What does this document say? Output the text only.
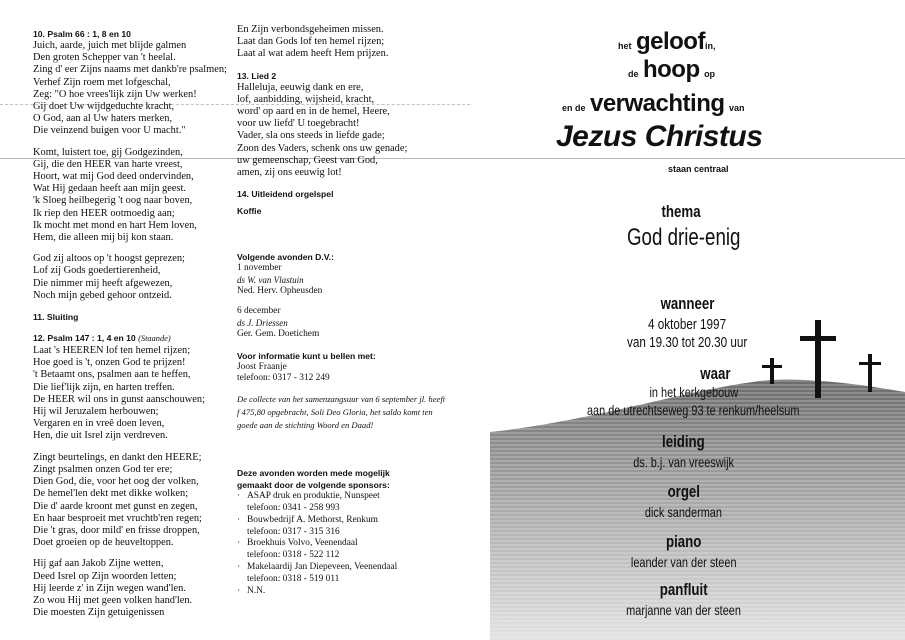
10. Psalm 66 : 1, 8 en 10
Juich, aarde, juich met blijde galmen
Den groten Schepper van 't heelal.
Zing d' eer Zijns naams met dankb're psalmen;
Verhef Zijn roem met lofgeschal,
Zeg: "O hoe vrees'lijk zijn Uw werken!
Gij doet Uw wijdgeduchte kracht,
O God, aan al Uw haters merken,
Die veinzend buigen voor U macht."
Komt, luistert toe, gij Godgezinden,
Gij, die den HEER van harte vreest,
Hoort, wat mij God deed ondervinden,
Wat Hij gedaan heeft aan mijn geest.
'k Sloeg heilbegerig 't oog naar boven,
Ik riep den HEER ootmoedig aan;
Ik mocht met mond en hart Hem loven,
Hem, die alleen mij bij kon staan.
God zij altoos op 't hoogst geprezen;
Lof zij Gods goedertierenheid,
Die nimmer mij heeft afgewezen,
Noch mijn gebed gehoor ontzeid.
11. Sluiting
12. Psalm 147 : 1, 4 en 10 (Staande)
Laat 's HEEREN lof ten hemel rijzen;
Hoe goed is 't, onzen God te prijzen!
't Betaamt ons, psalmen aan te heffen,
Die lief'lijk zijn, en harten treffen.
De HEER wil ons in gunst aanschouwen;
Hij wil Jeruzalem herbouwen;
Vergaren en in vreê doen leven,
Hen, die uit Isrel zijn verdreven.
Zingt beurtelings, en dankt den HEERE;
Zingt psalmen onzen God ter ere;
Dien God, die, voor het oog der volken,
De hemel'len dekt met dikke wolken;
Die d' aarde kroont met gunst en zegen,
En haar besproeit met vruchtb'ren regen;
Die 't gras, door mild' en frisse droppen,
Doet groeien op de heuveltoppen.
Hij gaf aan Jakob Zijne wetten,
Deed Isrel op Zijn woorden letten;
Hij leerde z' in Zijn wegen wand'len.
Zo wou Hij met geen volken hand'len.
Die moesten Zijn getuigenissen
En Zijn verbondsgeheimen missen.
Laat dan Gods lof ten hemel rijzen;
Laat al wat adem heeft Hem prijzen.
13. Lied 2
Halleluja, eeuwig dank en ere,
lof, aanbidding, wijsheid, kracht,
word' op aard en in de hemel, Heere,
voor uw liefd' U toegebracht!
Vader, sla ons steeds in liefde gade;
Zoon des Vaders, schenk ons uw genade;
uw gemeenschap, Geest van God,
amen, zij ons eeuwig lot!
14. Uitleidend orgelspel
Koffie
Volgende avonden D.V.:
1 november
ds W. van Vlastuin
Ned. Herv. Opheusden
6 december
ds J. Driessen
Ger. Gem. Doetichem
Voor informatie kunt u bellen met:
Joost Fraanje
telefoon: 0317 - 312 249
De collecte van het samenzangsuur van 6 september jl. heeft
f 475,80 opgebracht, Soli Deo Gloria, het saldo komt ten
goede aan de stichting Woord en Daad!
Deze avonden worden mede mogelijk
gemaakt door de volgende sponsors:
· ASAP druk en produktie, Nunspeet
telefoon: 0341 - 258 993
· Bouwbedrijf A. Methorst, Renkum
telefoon: 0317 - 315 316
· Broekhuis Volvo, Veenendaal
telefoon: 0318 - 522 112
· Makelaardij Jan Diepeveen, Veenendaal
telefoon: 0318 - 519 011
· N.N.
het geloofin,
de hoop op
en de verwachting van
Jezus Christus
staan centraal
thema
God drie-enig
wanneer
4 oktober 1997
van 19.30 tot 20.30 uur
waar
in het kerkgebouw
aan de utrechtseweg 93 te renkum/heelsum
leiding
ds. b.j. van vreeswijk
orgel
dick sanderman
piano
leander van der steen
panfluit
marjanne van der steen
